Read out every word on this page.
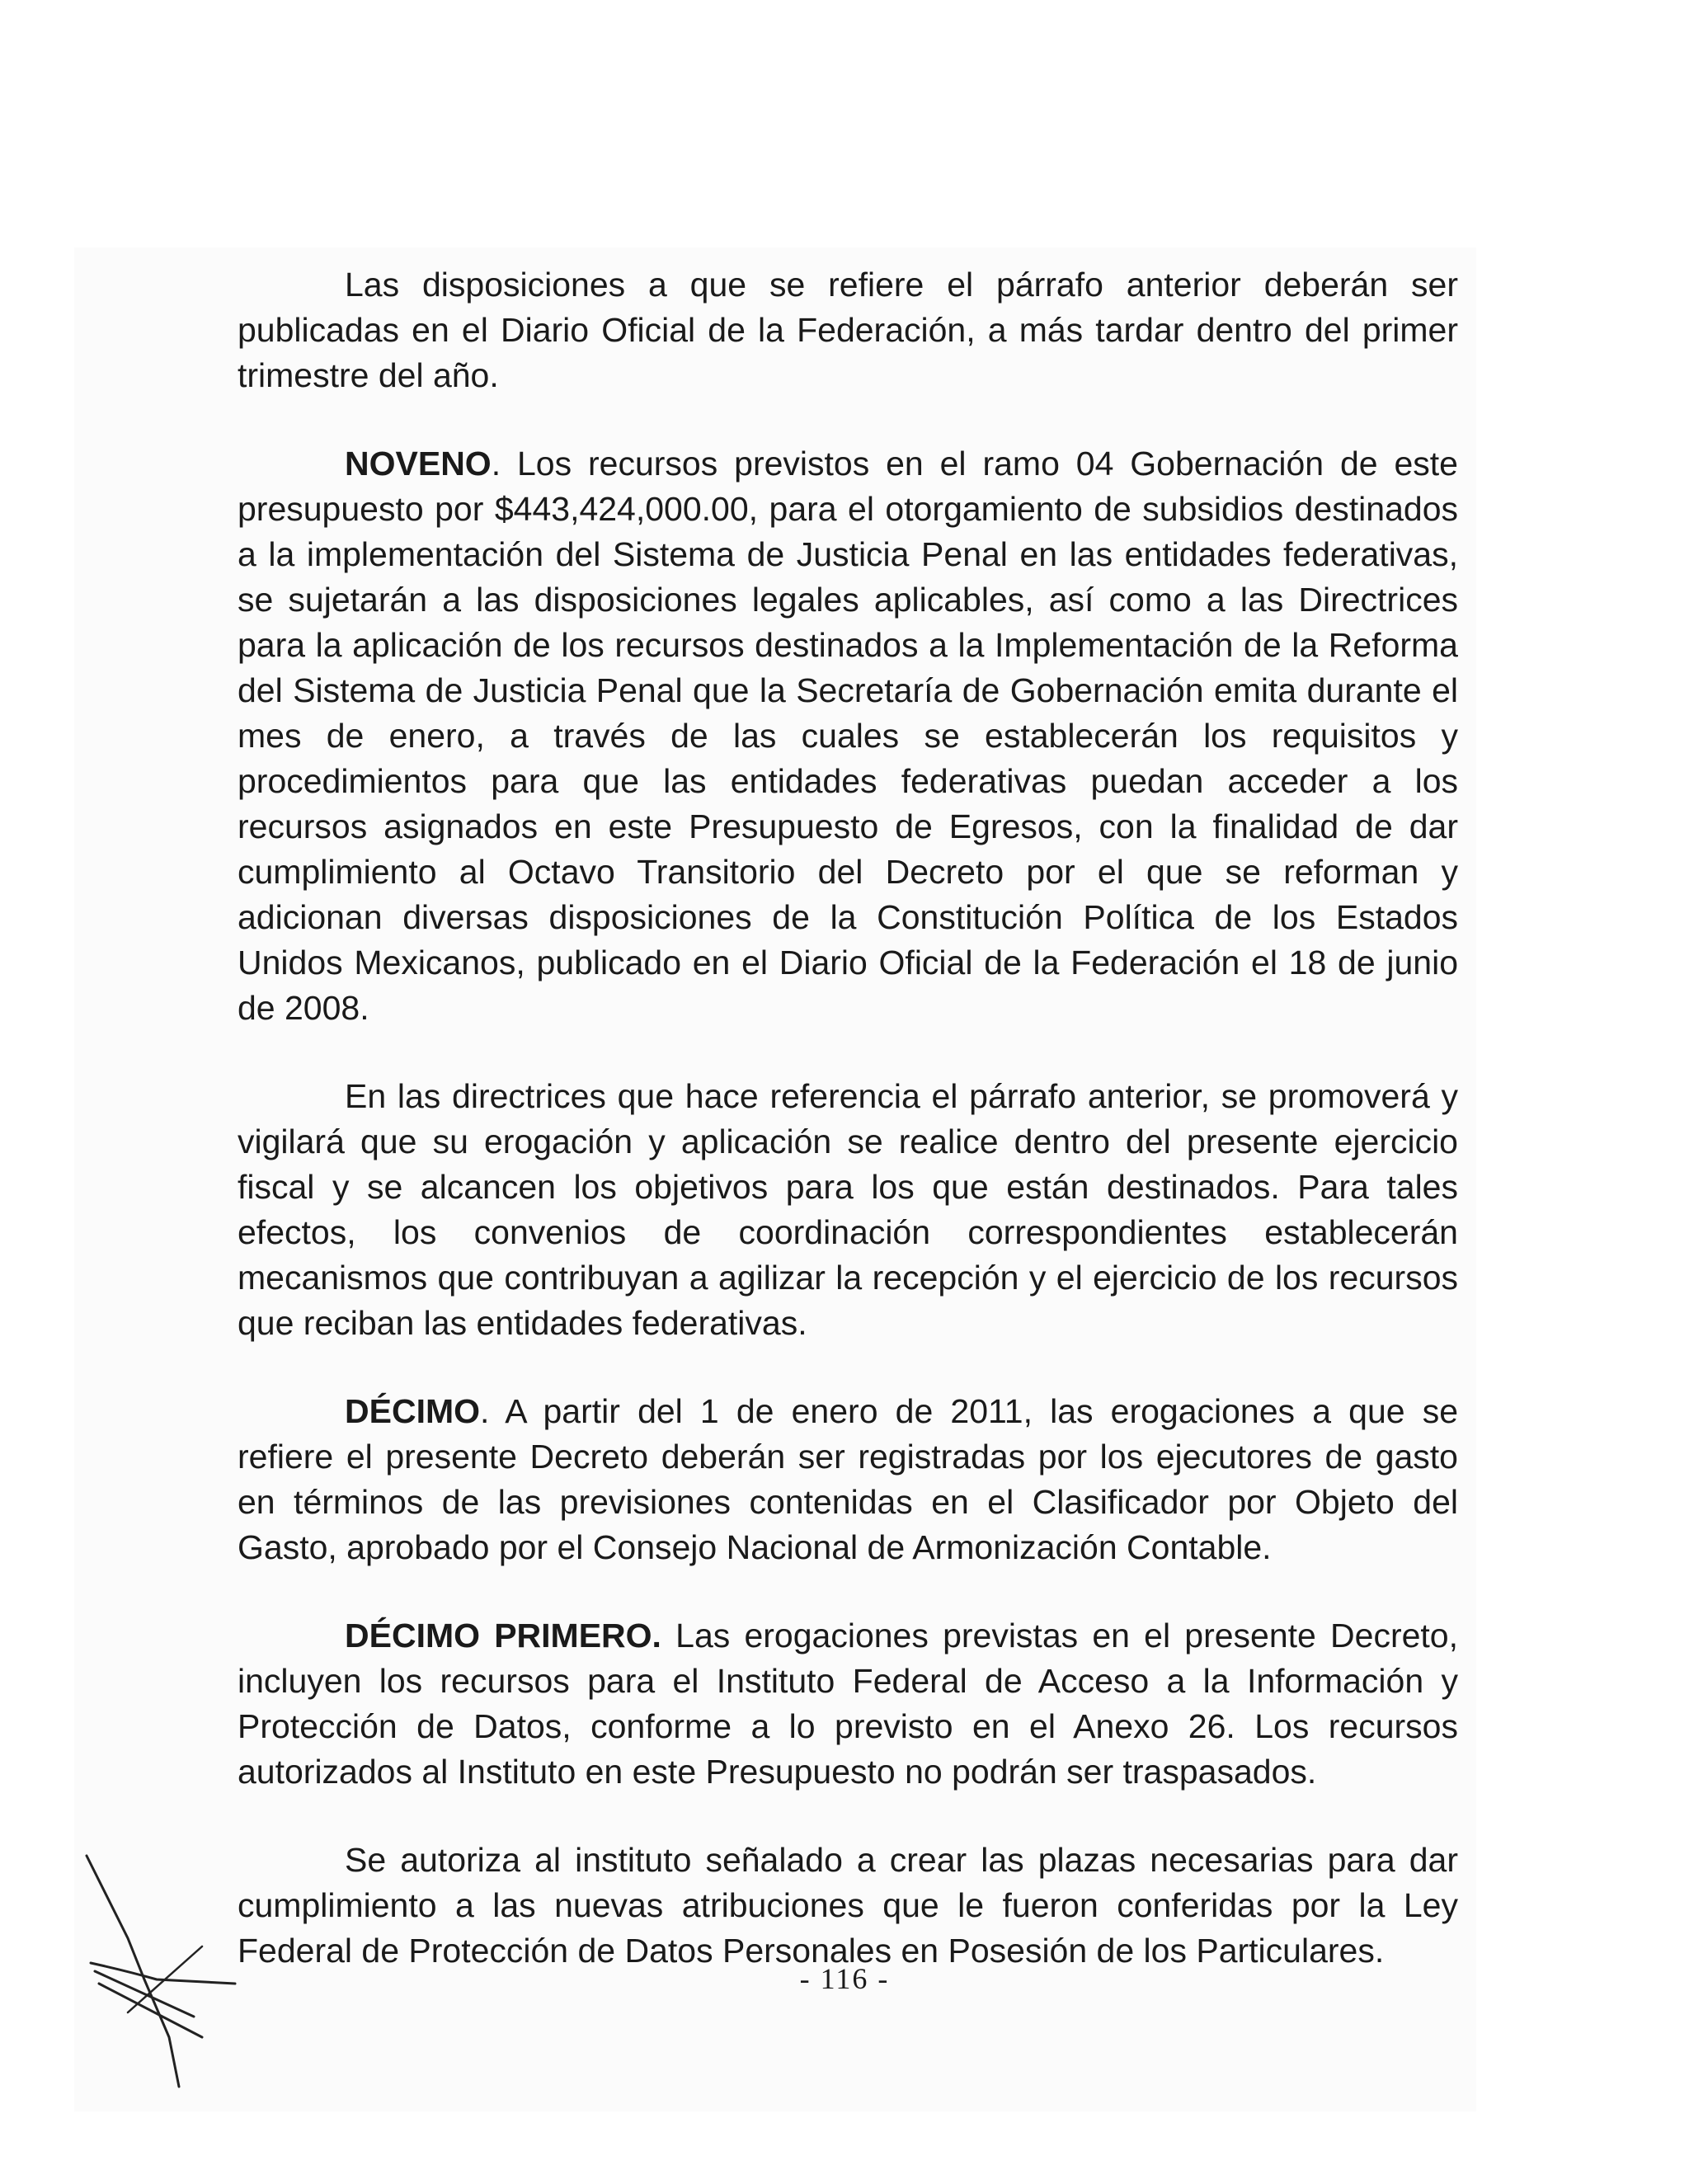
Las disposiciones a que se refiere el párrafo anterior deberán ser publicadas en el Diario Oficial de la Federación, a más tardar dentro del primer trimestre del año.

NOVENO. Los recursos previstos en el ramo 04 Gobernación de este presupuesto por $443,424,000.00, para el otorgamiento de subsidios destinados a la implementación del Sistema de Justicia Penal en las entidades federativas, se sujetarán a las disposiciones legales aplicables, así como a las Directrices para la aplicación de los recursos destinados a la Implementación de la Reforma del Sistema de Justicia Penal que la Secretaría de Gobernación emita durante el mes de enero, a través de las cuales se establecerán los requisitos y procedimientos para que las entidades federativas puedan acceder a los recursos asignados en este Presupuesto de Egresos, con la finalidad de dar cumplimiento al Octavo Transitorio del Decreto por el que se reforman y adicionan diversas disposiciones de la Constitución Política de los Estados Unidos Mexicanos, publicado en el Diario Oficial de la Federación el 18 de junio de 2008.

En las directrices que hace referencia el párrafo anterior, se promoverá y vigilará que su erogación y aplicación se realice dentro del presente ejercicio fiscal y se alcancen los objetivos para los que están destinados. Para tales efectos, los convenios de coordinación correspondientes establecerán mecanismos que contribuyan a agilizar la recepción y el ejercicio de los recursos que reciban las entidades federativas.

DÉCIMO. A partir del 1 de enero de 2011, las erogaciones a que se refiere el presente Decreto deberán ser registradas por los ejecutores de gasto en términos de las previsiones contenidas en el Clasificador por Objeto del Gasto, aprobado por el Consejo Nacional de Armonización Contable.

DÉCIMO PRIMERO. Las erogaciones previstas en el presente Decreto, incluyen los recursos para el Instituto Federal de Acceso a la Información y Protección de Datos, conforme a lo previsto en el Anexo 26. Los recursos autorizados al Instituto en este Presupuesto no podrán ser traspasados.

Se autoriza al instituto señalado a crear las plazas necesarias para dar cumplimiento a las nuevas atribuciones que le fueron conferidas por la Ley Federal de Protección de Datos Personales en Posesión de los Particulares.

- 116 -
